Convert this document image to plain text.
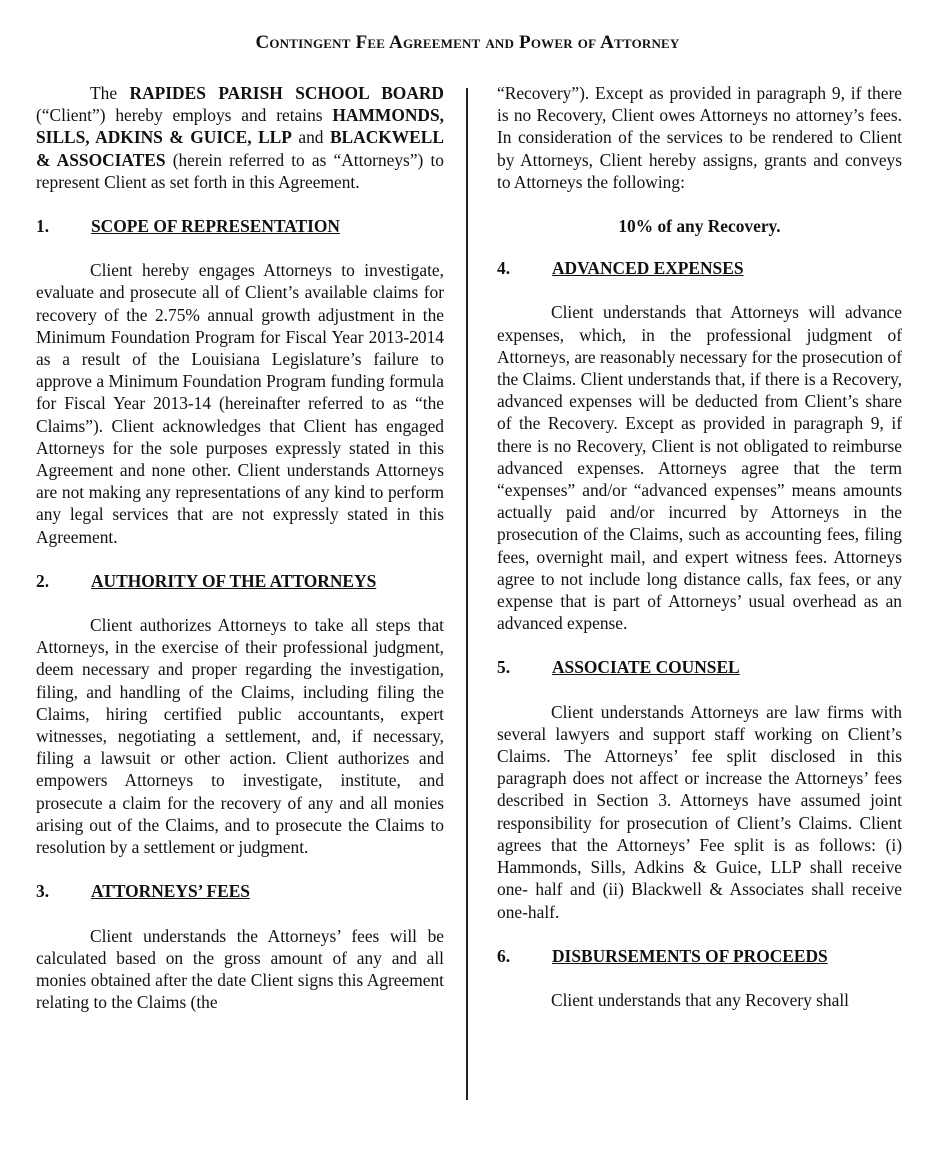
Contingent Fee Agreement and Power of Attorney

The RAPIDES PARISH SCHOOL BOARD (“Client”) hereby employs and retains HAMMONDS, SILLS, ADKINS & GUICE, LLP and BLACKWELL & ASSOCIATES (herein referred to as “Attorneys”) to represent Client as set forth in this Agreement.

1.	SCOPE OF REPRESENTATION

Client hereby engages Attorneys to investigate, evaluate and prosecute all of Client’s available claims for recovery of the 2.75% annual growth adjustment in the Minimum Foundation Program for Fiscal Year 2013-2014 as a result of the Louisiana Legislature’s failure to approve a Minimum Foundation Program funding formula for Fiscal Year 2013-14 (hereinafter referred to as “the Claims”). Client acknowledges that Client has engaged Attorneys for the sole purposes expressly stated in this Agreement and none other. Client understands Attorneys are not making any representations of any kind to perform any legal services that are not expressly stated in this Agreement.

2.	AUTHORITY OF THE ATTORNEYS

Client authorizes Attorneys to take all steps that Attorneys, in the exercise of their professional judgment, deem necessary and proper regarding the investigation, filing, and handling of the Claims, including filing the Claims, hiring certified public accountants, expert witnesses, negotiating a settlement, and, if necessary, filing a lawsuit or other action. Client authorizes and empowers Attorneys to investigate, institute, and prosecute a claim for the recovery of any and all monies arising out of the Claims, and to prosecute the Claims to resolution by a settlement or judgment.

3.	ATTORNEYS’ FEES

Client understands the Attorneys’ fees will be calculated based on the gross amount of any and all monies obtained after the date Client signs this Agreement relating to the Claims (the

“Recovery”). Except as provided in paragraph 9, if there is no Recovery, Client owes Attorneys no attorney’s fees. In consideration of the services to be rendered to Client by Attorneys, Client hereby assigns, grants and conveys to Attorneys the following:

10% of any Recovery.
4.	ADVANCED EXPENSES

Client understands that Attorneys will advance expenses, which, in the professional judgment of Attorneys, are reasonably necessary for the prosecution of the Claims. Client understands that, if there is a Recovery, advanced expenses will be deducted from Client’s share of the Recovery. Except as provided in paragraph 9, if there is no Recovery, Client is not obligated to reimburse advanced expenses. Attorneys agree that the term “expenses” and/or “advanced expenses” means amounts actually paid and/or incurred by Attorneys in the prosecution of the Claims, such as accounting fees, filing fees, overnight mail, and expert witness fees. Attorneys agree to not include long distance calls, fax fees, or any expense that is part of Attorneys’ usual overhead as an advanced expense.

5.	ASSOCIATE COUNSEL

Client understands Attorneys are law firms with several lawyers and support staff working on Client’s Claims. The Attorneys’ fee split disclosed in this paragraph does not affect or increase the Attorneys’ fees described in Section 3. Attorneys have assumed joint responsibility for prosecution of Client’s Claims. Client agrees that the Attorneys’ Fee split is as follows: (i) Hammonds, Sills, Adkins & Guice, LLP shall receive one- half and (ii) Blackwell & Associates shall receive one-half.

6.	DISBURSEMENTS OF PROCEEDS

Client understands that any Recovery shall
